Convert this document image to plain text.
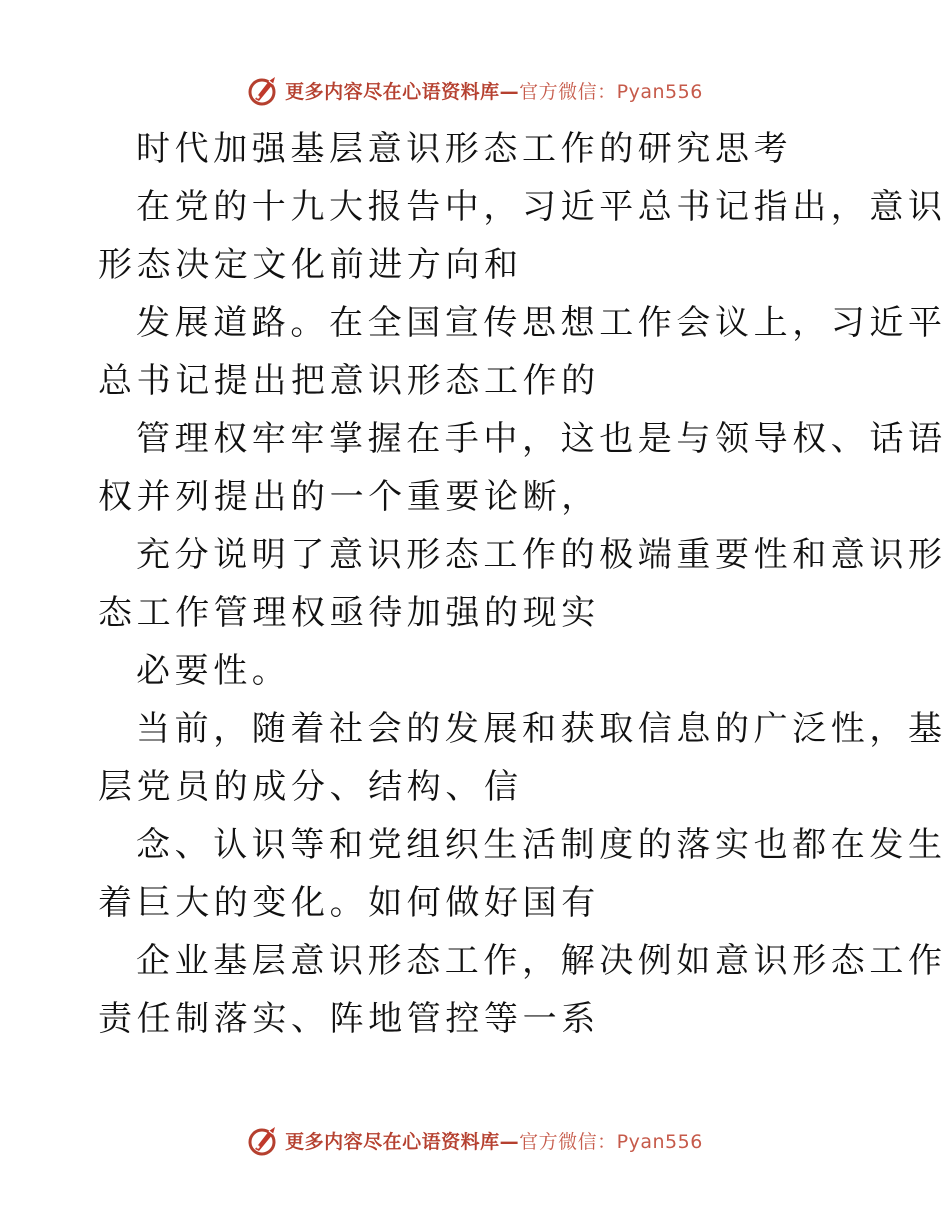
更多内容尽在心语资料库—官方微信：Pyan556
时代加强基层意识形态工作的研究思考
在党的十九大报告中，习近平总书记指出，意识
形态决定文化前进方向和
发展道路。在全国宣传思想工作会议上，习近平
总书记提出把意识形态工作的
管理权牢牢掌握在手中，这也是与领导权、话语
权并列提出的一个重要论断，
充分说明了意识形态工作的极端重要性和意识形
态工作管理权亟待加强的现实
必要性。
当前，随着社会的发展和获取信息的广泛性，基
层党员的成分、结构、信
念、认识等和党组织生活制度的落实也都在发生
着巨大的变化。如何做好国有
企业基层意识形态工作，解决例如意识形态工作
责任制落实、阵地管控等一系
更多内容尽在心语资料库—官方微信：Pyan556
